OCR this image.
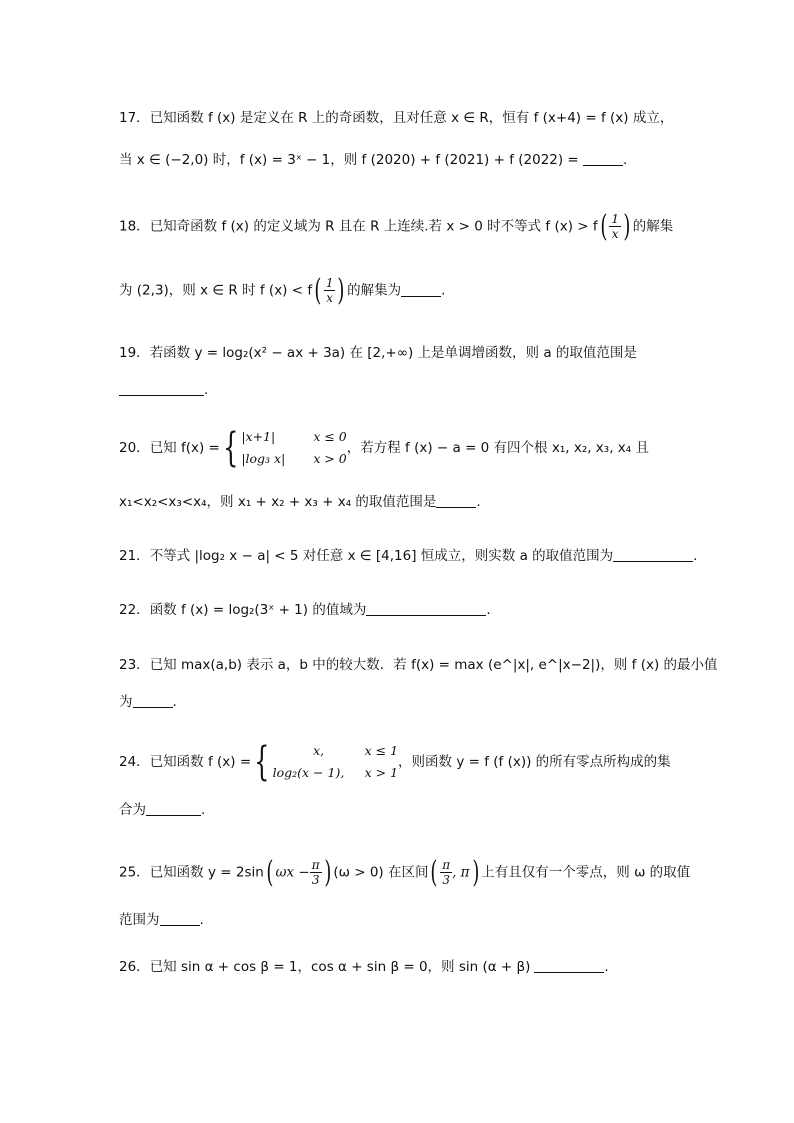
17．已知函数 f (x) 是定义在 R 上的奇函数，且对任意 x ∈ R，恒有 f (x+4) = f (x) 成立，
当 x ∈ (−2,0) 时，f (x) = 3ˣ − 1，则 f (2020) + f (2021) + f (2022) =	.
18．已知奇函数 f (x) 的定义域为 R 且在 R 上连续.若 x > 0 时不等式 f $(x) > f( \frac{1}{x}$ ) 的解集
为 (2,3)，则 x ∈ R 时 f $(x) < f( \frac{1}{x}$ ) 的解集为	.
19．若函数 y = log₂(x² − ax + 3a) 在 [2,+∞) 上是单调增函数，则 a 的取值范围是
.
20．已知 f(x) ={ |x+1|	x ≤ 0
|log₃ x|	x > 0
，若方程 f (x) − a = 0 有四个根 x₁, x₂, x₃, x₄ 且
x₁<x₂<x₃<x₄，则 x₁ + x₂ + x₃ + x₄ 的取值范围是	.
21．不等式 |log₂ x − a| < 5 对任意 x ∈ [4,16] 恒成立，则实数 a 的取值范围为	.
22．函数 f (x) = log₂(3ˣ + 1) 的值域为	.
23．已知 max(a,b) 表示 a，b 中的较大数．若 f(x) = max (e^|x|, e^|x−2|)，则 f (x) 的最小值
为	.
24．已知函数 f (x) ={	x,	x ≤ 1
log₂(x − 1),	x > 1
，则函数 y = f (f (x)) 的所有零点所构成的集
合为	.
25．已知函数 y = 2sin( $\omega x - \frac{\pi}{3}$ ) (ω > 0) 在区间( $\frac{\pi}{3}$ , π) 上有且仅有一个零点，则 ω 的取值
范围为	.
26．已知 sin α + cos β = 1，cos α + sin β = 0，则 sin (α + β)	.
